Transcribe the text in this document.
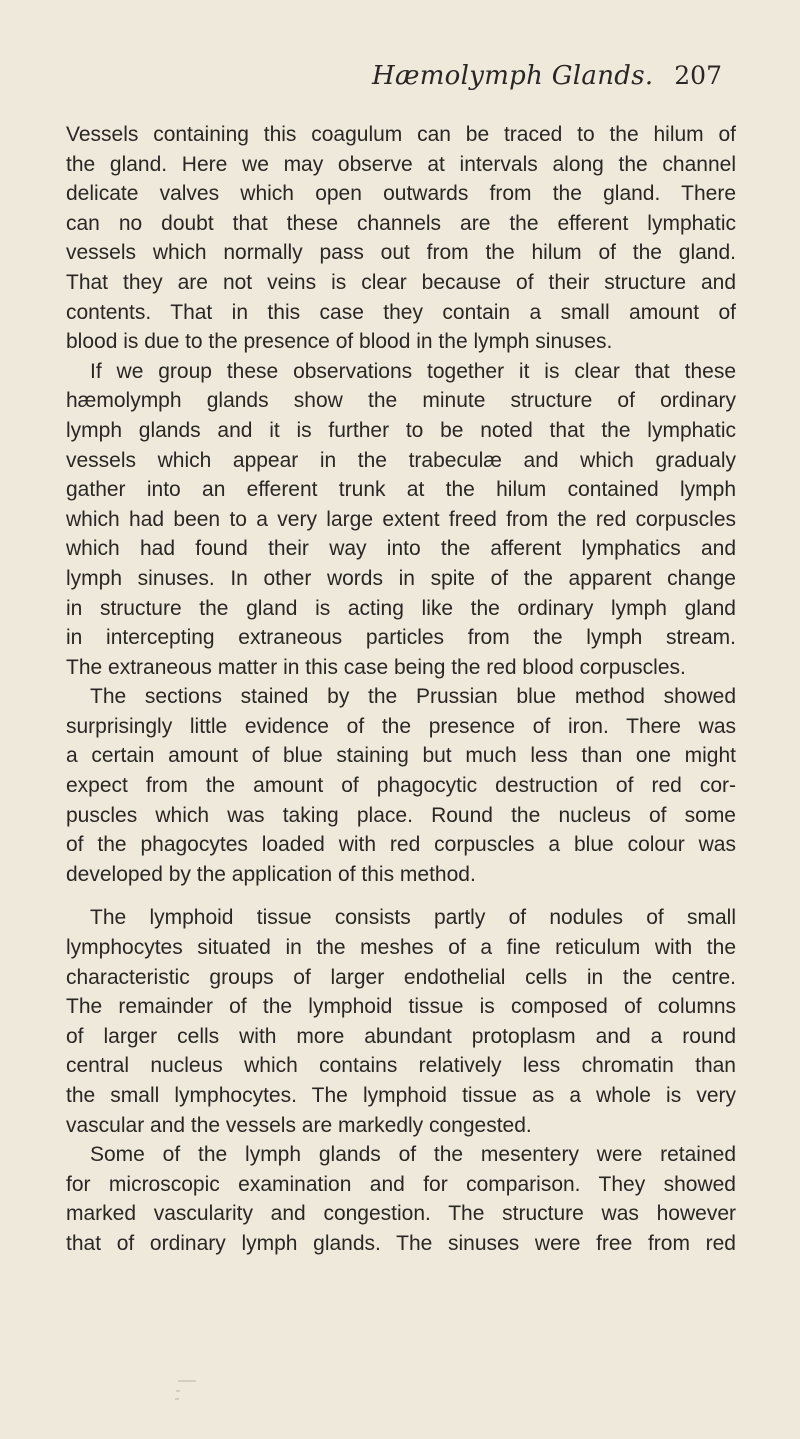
Hæmolymph Glands. 207
Vessels containing this coagulum can be traced to the hilum of
the gland. Here we may observe at intervals along the channel
delicate valves which open outwards from the gland. There
can no doubt that these channels are the efferent lymphatic
vessels which normally pass out from the hilum of the gland.
That they are not veins is clear because of their structure and
contents. That in this case they contain a small amount of
blood is due to the presence of blood in the lymph sinuses.
If we group these observations together it is clear that these
hæmolymph glands show the minute structure of ordinary
lymph glands and it is further to be noted that the lymphatic
vessels which appear in the trabeculæ and which gradualy
gather into an efferent trunk at the hilum contained lymph
which had been to a very large extent freed from the red corpuscles
which had found their way into the afferent lymphatics and
lymph sinuses. In other words in spite of the apparent change
in structure the gland is acting like the ordinary lymph gland
in intercepting extraneous particles from the lymph stream.
The extraneous matter in this case being the red blood corpuscles.
The sections stained by the Prussian blue method showed
surprisingly little evidence of the presence of iron. There was
a certain amount of blue staining but much less than one might
expect from the amount of phagocytic destruction of red cor-
puscles which was taking place. Round the nucleus of some
of the phagocytes loaded with red corpuscles a blue colour was
developed by the application of this method.
The lymphoid tissue consists partly of nodules of small
lymphocytes situated in the meshes of a fine reticulum with the
characteristic groups of larger endothelial cells in the centre.
The remainder of the lymphoid tissue is composed of columns
of larger cells with more abundant protoplasm and a round
central nucleus which contains relatively less chromatin than
the small lymphocytes. The lymphoid tissue as a whole is very
vascular and the vessels are markedly congested.
Some of the lymph glands of the mesentery were retained
for microscopic examination and for comparison. They showed
marked vascularity and congestion. The structure was however
that of ordinary lymph glands. The sinuses were free from red
